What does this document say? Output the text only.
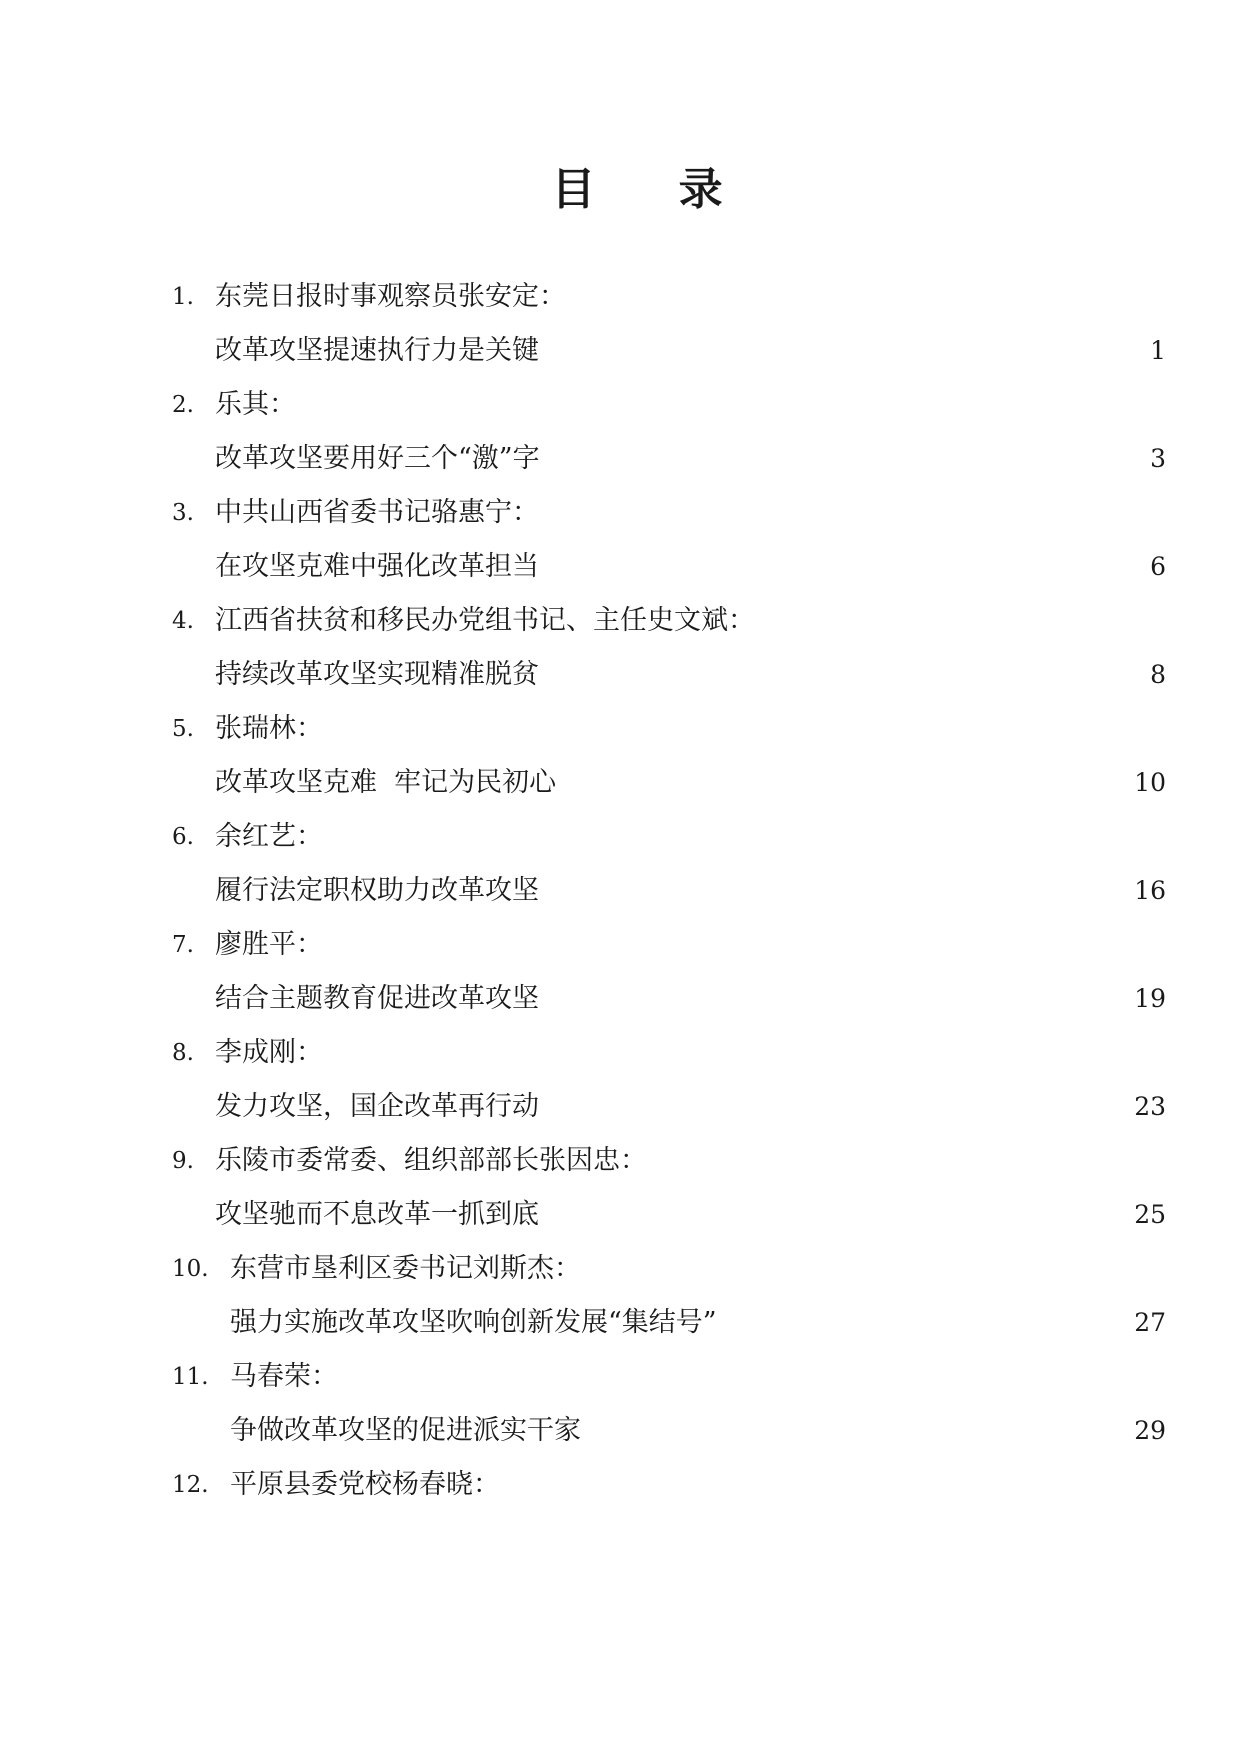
目 录
1. 东莞日报时事观察员张安定：
改革攻坚提速执行力是关键	1
2. 乐其：
改革攻坚要用好三个“激”字	3
3. 中共山西省委书记骆惠宁：
在攻坚克难中强化改革担当	6
4. 江西省扶贫和移民办党组书记、主任史文斌：
持续改革攻坚实现精准脱贫	8
5. 张瑞林：
改革攻坚克难  牢记为民初心	10
6. 余红艺：
履行法定职权助力改革攻坚	16
7. 廖胜平：
结合主题教育促进改革攻坚	19
8. 李成刚：
发力攻坚，国企改革再行动	23
9. 乐陵市委常委、组织部部长张因忠：
攻坚驰而不息改革一抓到底	25
10. 东营市垦利区委书记刘斯杰：
强力实施改革攻坚吹响创新发展“集结号”	27
11. 马春荣：
争做改革攻坚的促进派实干家	29
12. 平原县委党校杨春晓：
